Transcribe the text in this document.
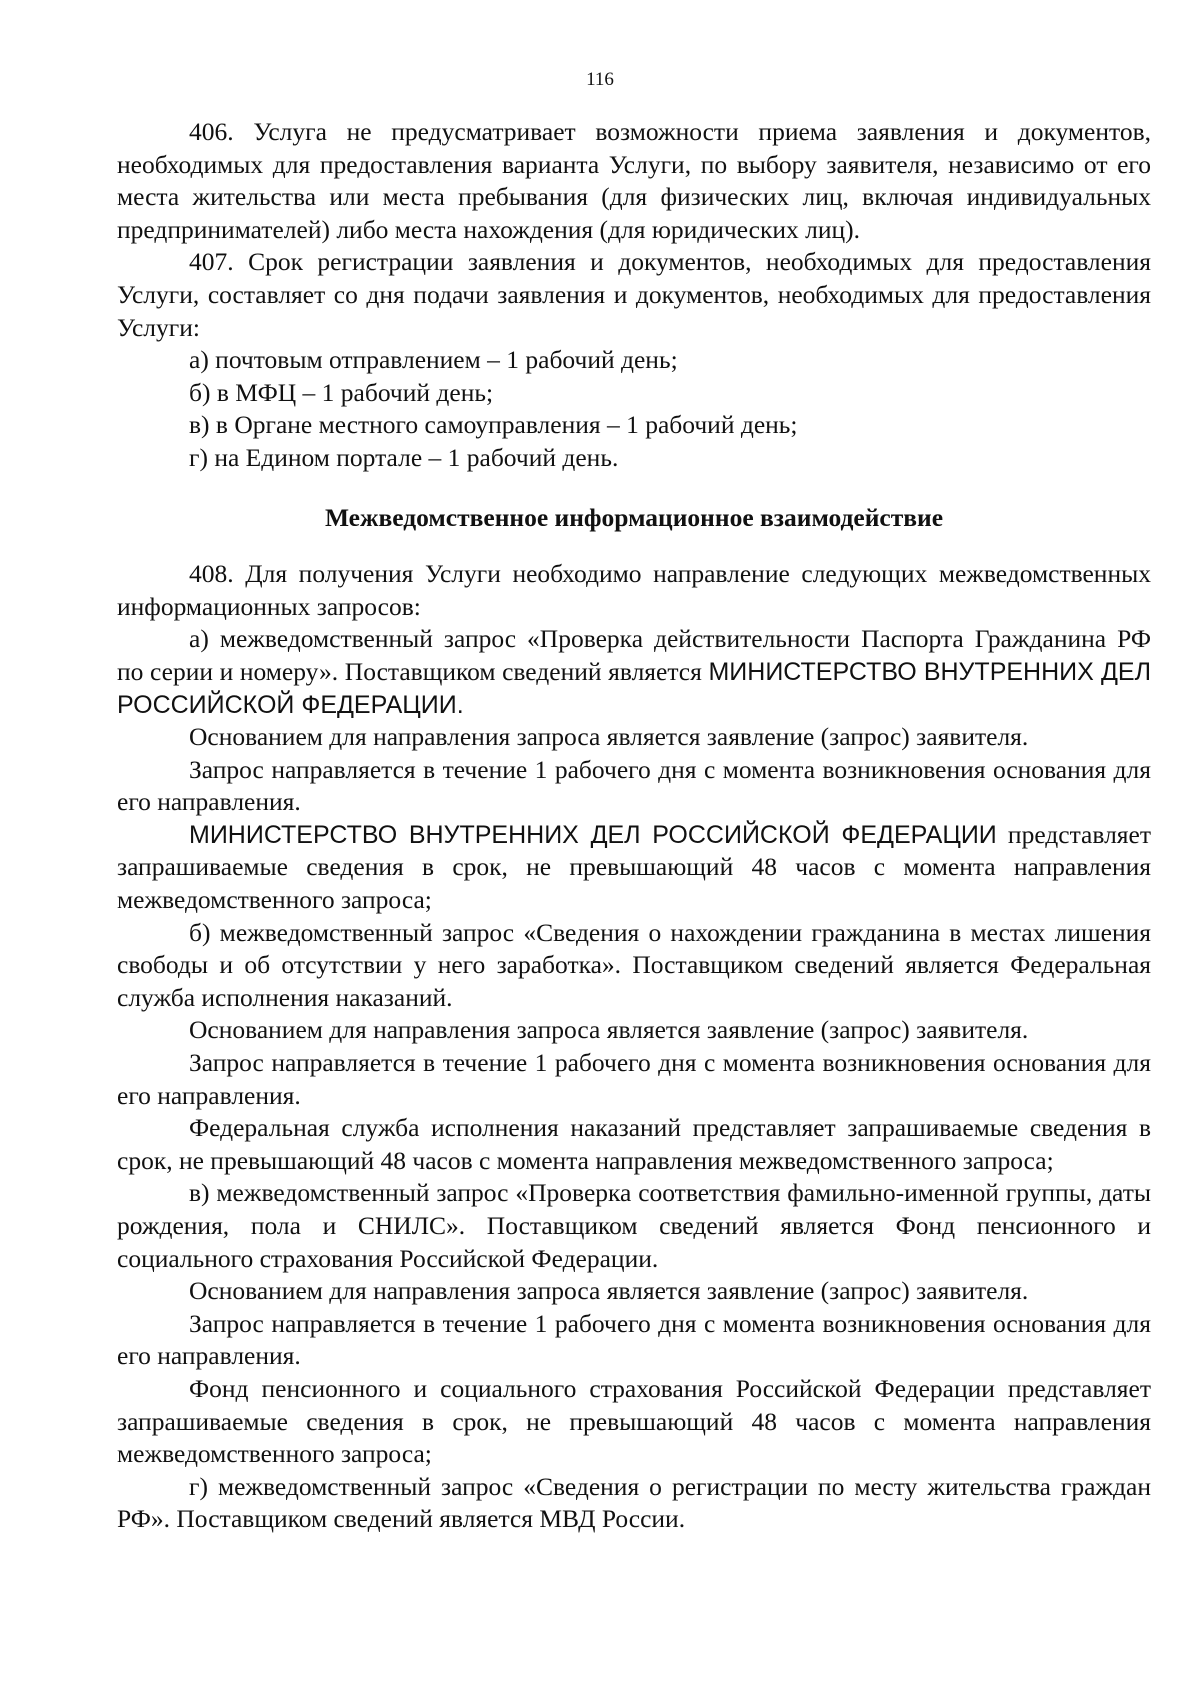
116

406. Услуга не предусматривает возможности приема заявления и документов, необходимых для предоставления варианта Услуги, по выбору заявителя, независимо от его места жительства или места пребывания (для физических лиц, включая индивидуальных предпринимателей) либо места нахождения (для юридических лиц).

407. Срок регистрации заявления и документов, необходимых для предоставления Услуги, составляет со дня подачи заявления и документов, необходимых для предоставления Услуги:

а) почтовым отправлением – 1 рабочий день;

б) в МФЦ – 1 рабочий день;

в) в Органе местного самоуправления – 1 рабочий день;

г) на Едином портале – 1 рабочий день.

Межведомственное информационное взаимодействие

408. Для получения Услуги необходимо направление следующих межведомственных информационных запросов:

а) межведомственный запрос «Проверка действительности Паспорта Гражданина РФ по серии и номеру». Поставщиком сведений является МИНИСТЕРСТВО ВНУТРЕННИХ ДЕЛ РОССИЙСКОЙ ФЕДЕРАЦИИ.

Основанием для направления запроса является заявление (запрос) заявителя.

Запрос направляется в течение 1 рабочего дня с момента возникновения основания для его направления.

МИНИСТЕРСТВО ВНУТРЕННИХ ДЕЛ РОССИЙСКОЙ ФЕДЕРАЦИИ представляет запрашиваемые сведения в срок, не превышающий 48 часов с момента направления межведомственного запроса;

б) межведомственный запрос «Сведения о нахождении гражданина в местах лишения свободы и об отсутствии у него заработка». Поставщиком сведений является Федеральная служба исполнения наказаний.

Основанием для направления запроса является заявление (запрос) заявителя.

Запрос направляется в течение 1 рабочего дня с момента возникновения основания для его направления.

Федеральная служба исполнения наказаний представляет запрашиваемые сведения в срок, не превышающий 48 часов с момента направления межведомственного запроса;

в) межведомственный запрос «Проверка соответствия фамильно-именной группы, даты рождения, пола и СНИЛС». Поставщиком сведений является Фонд пенсионного и социального страхования Российской Федерации.

Основанием для направления запроса является заявление (запрос) заявителя.

Запрос направляется в течение 1 рабочего дня с момента возникновения основания для его направления.

Фонд пенсионного и социального страхования Российской Федерации представляет запрашиваемые сведения в срок, не превышающий 48 часов с момента направления межведомственного запроса;

г) межведомственный запрос «Сведения о регистрации по месту жительства граждан РФ». Поставщиком сведений является МВД России.
